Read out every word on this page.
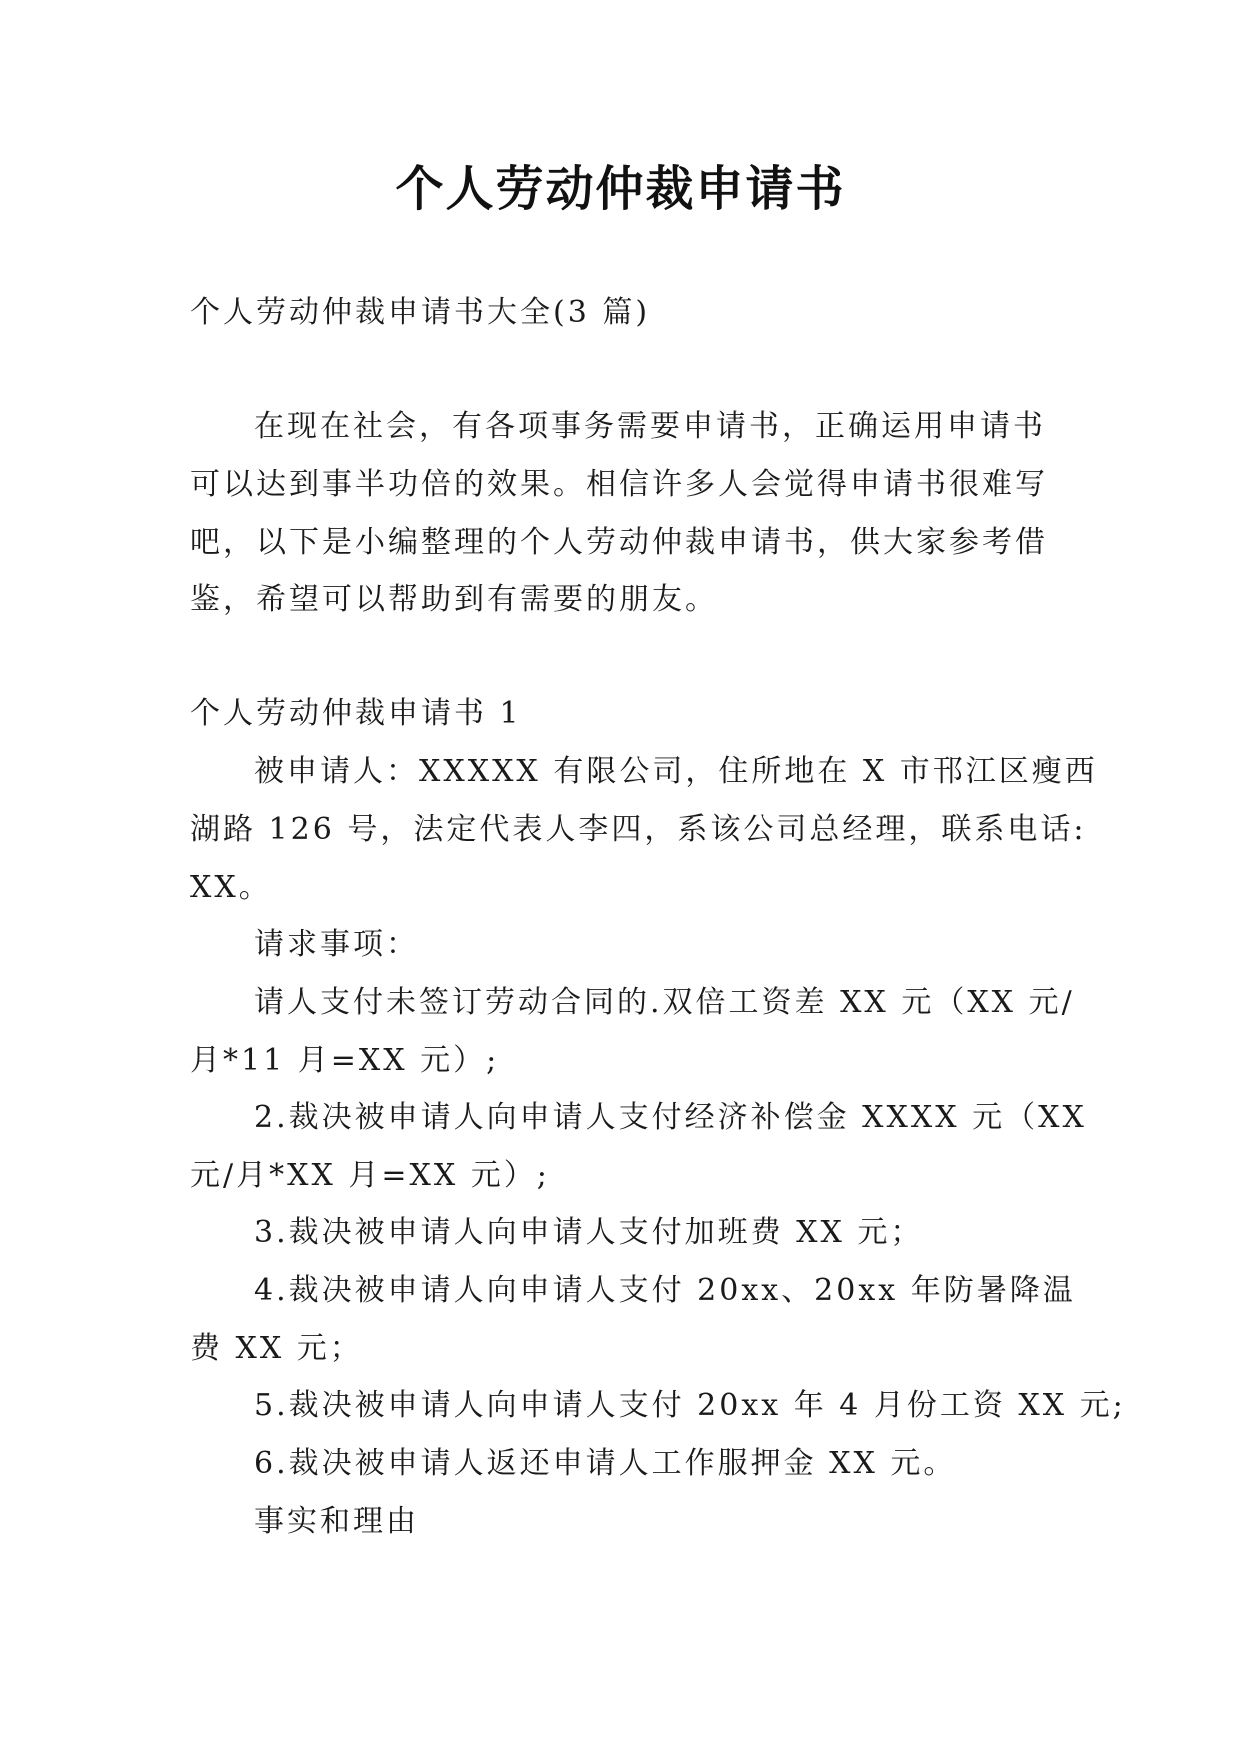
个人劳动仲裁申请书

个人劳动仲裁申请书大全(3 篇)

在现在社会，有各项事务需要申请书，正确运用申请书

可以达到事半功倍的效果。相信许多人会觉得申请书很难写

吧，以下是小编整理的个人劳动仲裁申请书，供大家参考借

鉴，希望可以帮助到有需要的朋友。

个人劳动仲裁申请书 1

被申请人：XXXXX 有限公司，住所地在 X 市邗江区瘦西

湖路 126 号，法定代表人李四，系该公司总经理，联系电话:

XX。

请求事项：

请人支付未签订劳动合同的.双倍工资差 XX 元（XX 元/

月*11 月=XX 元）;

2.裁决被申请人向申请人支付经济补偿金 XXXX 元（XX

元/月*XX 月=XX 元）;

3.裁决被申请人向申请人支付加班费 XX 元；

4.裁决被申请人向申请人支付 20xx、20xx 年防暑降温

费 XX 元；

5.裁决被申请人向申请人支付 20xx 年 4 月份工资 XX 元;

6.裁决被申请人返还申请人工作服押金 XX 元。

事实和理由
